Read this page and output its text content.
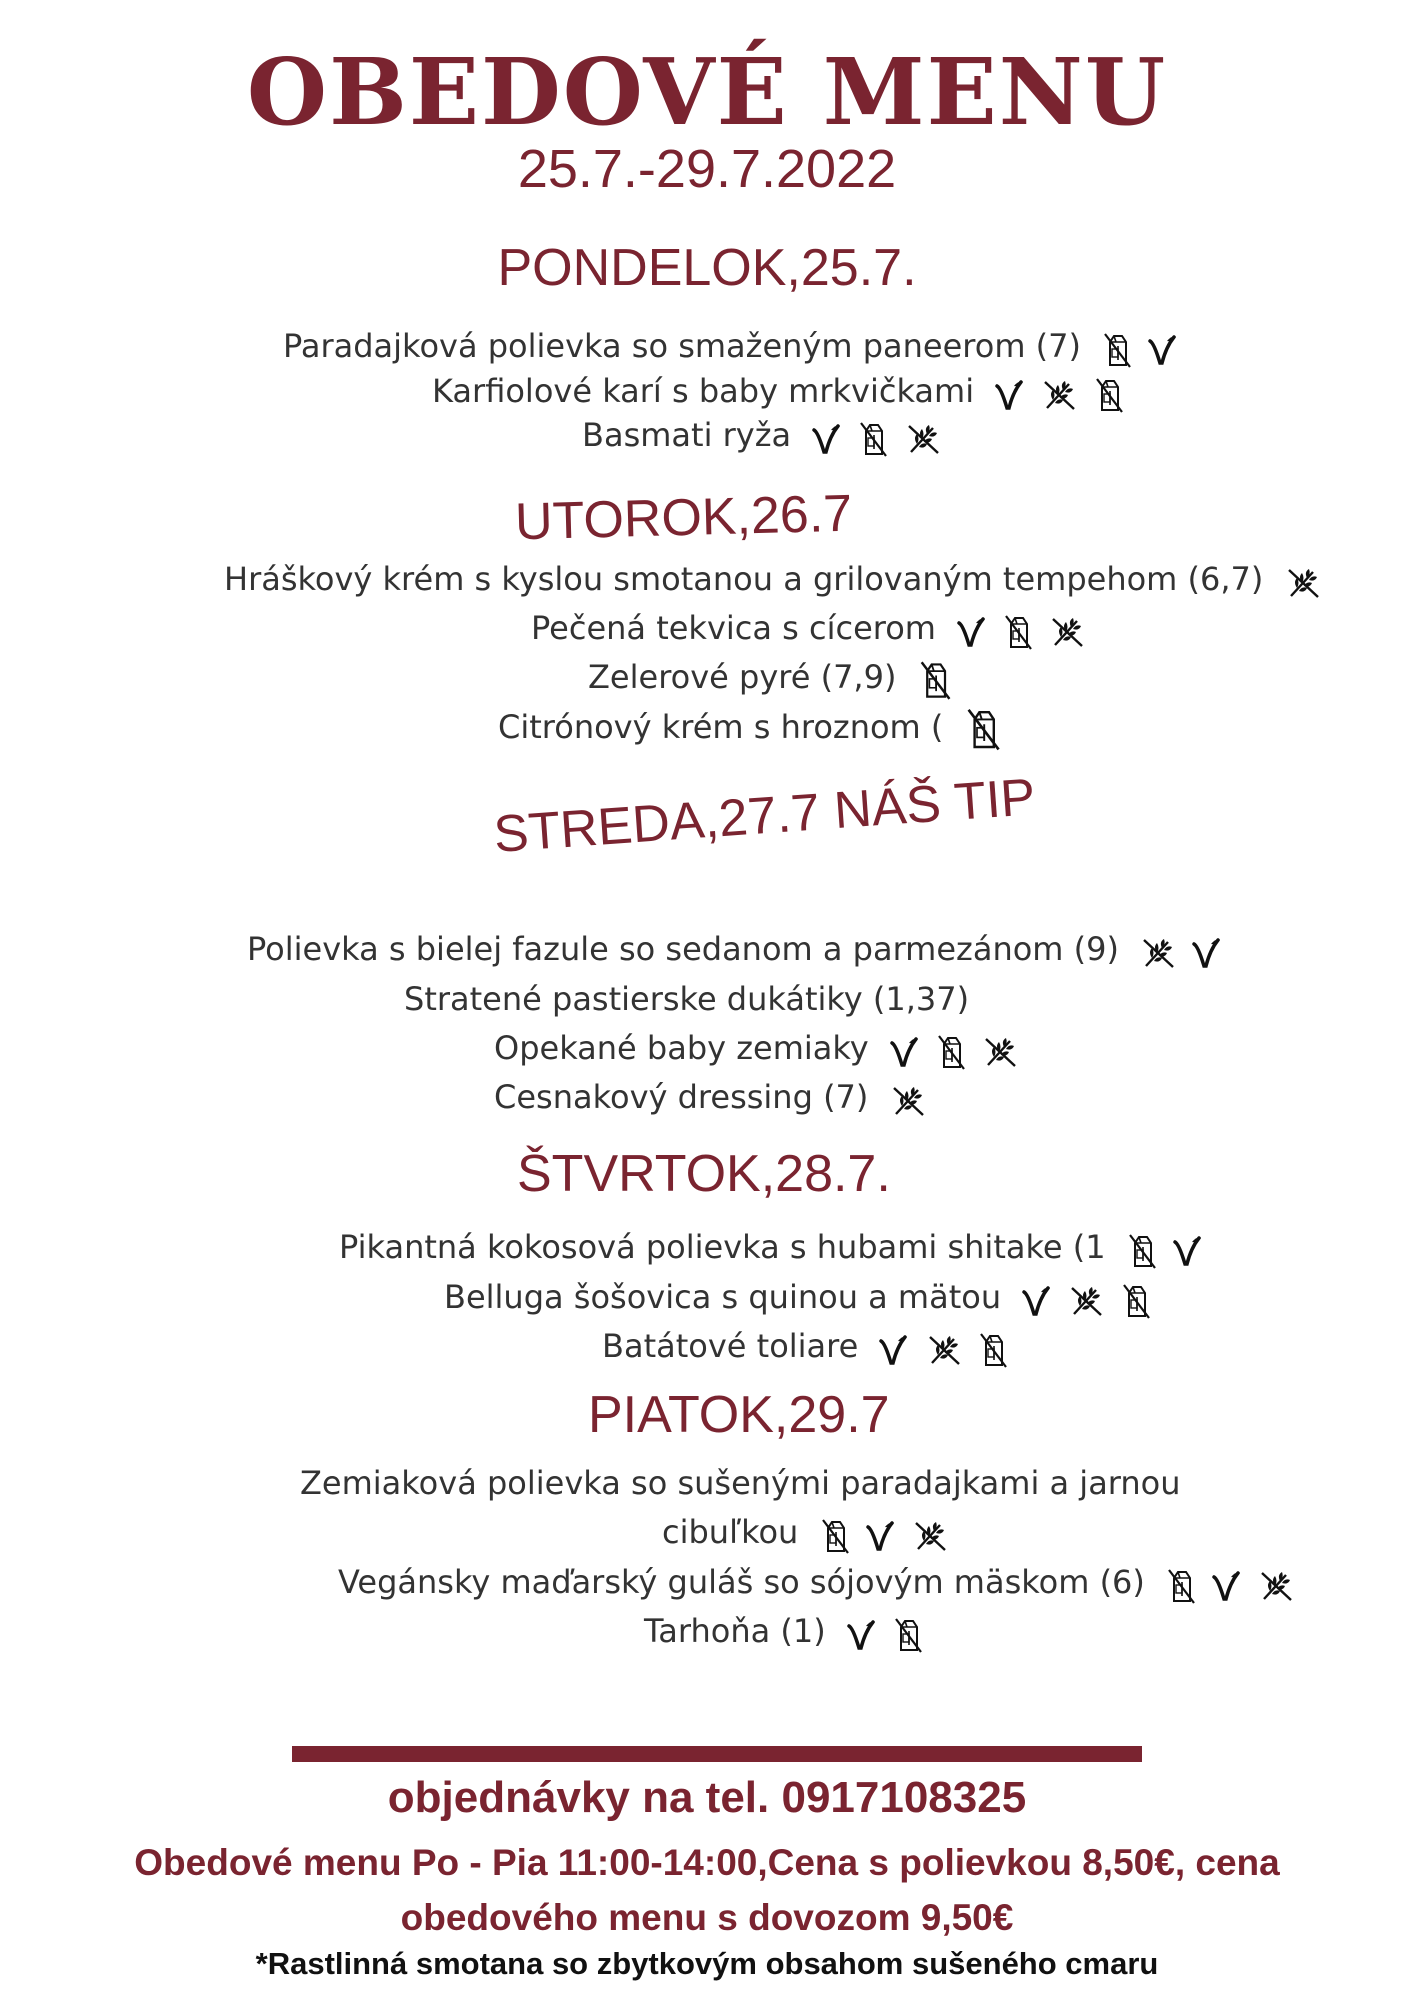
OBEDOVÉ MENU
25.7.-29.7.2022
PONDELOK,25.7.
Paradajková polievka so smaženým paneerom (7)

Karfiolové karí s baby mrkvičkami

Basmati ryža

UTOROK,26.7
Hráškový krém s kyslou smotanou a grilovaným tempehom (6,7)
Pečená tekvica s cícerom

Zelerové pyré (7,9)
Citrónový krém s hroznom (
STREDA,27.7 NÁŠ TIP
Polievka s bielej fazule so sedanom a parmezánom (9)

Stratené pastierske dukátiky (1,37)
Opekané baby zemiaky

Cesnakový dressing (7)
ŠTVRTOK,28.7.
Pikantná kokosová polievka s hubami shitake (1

Belluga šošovica s quinou a mätou

Batátové toliare

PIATOK,29.7
Zemiaková polievka so sušenými paradajkami a jarnou
cibuľkou

Vegánsky maďarský guláš so sójovým mäskom (6)

Tarhoňa (1)

objednávky na tel. 0917108325
Obedové menu Po - Pia 11:00-14:00,Cena s polievkou 8,50€, cena
obedového menu s dovozom 9,50€
*Rastlinná smotana so zbytkovým obsahom sušeného cmaru
